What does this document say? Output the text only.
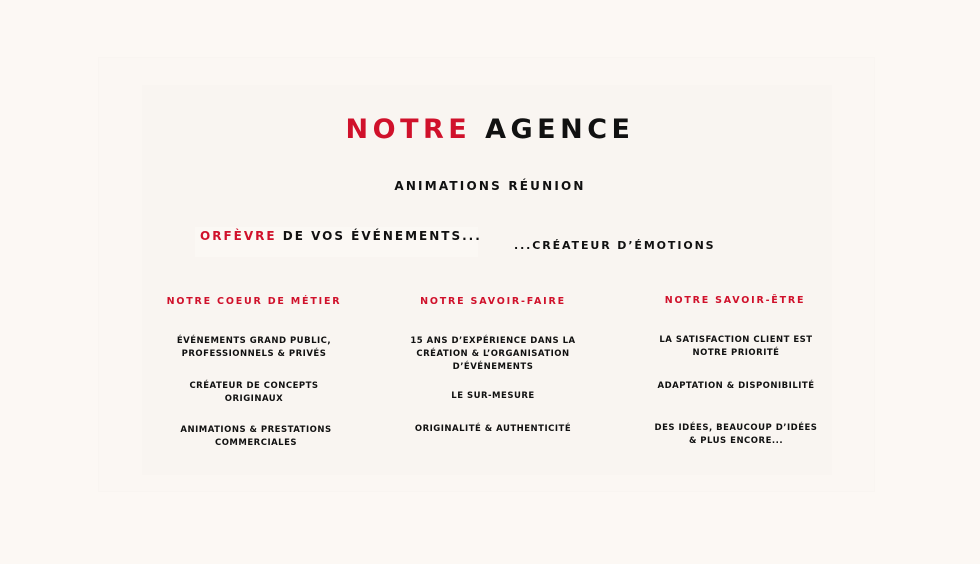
NOTRE AGENCE
ANIMATIONS RÉUNION
ORFÈVRE DE VOS ÉVÉNEMENTS...
...CRÉATEUR D’ÉMOTIONS
NOTRE COEUR DE MÉTIER
ÉVÉNEMENTS GRAND PUBLIC, PROFESSIONNELS & PRIVÉS
CRÉATEUR DE CONCEPTS ORIGINAUX
ANIMATIONS & PRESTATIONS COMMERCIALES
NOTRE SAVOIR-FAIRE
15 ANS D’EXPÉRIENCE DANS LA CRÉATION & L’ORGANISATION D’ÉVÉNEMENTS
LE SUR-MESURE
ORIGINALITÉ & AUTHENTICITÉ
NOTRE SAVOIR-ÊTRE
LA SATISFACTION CLIENT EST NOTRE PRIORITÉ
ADAPTATION & DISPONIBILITÉ
DES IDÉES, BEAUCOUP D’IDÉES & PLUS ENCORE...
